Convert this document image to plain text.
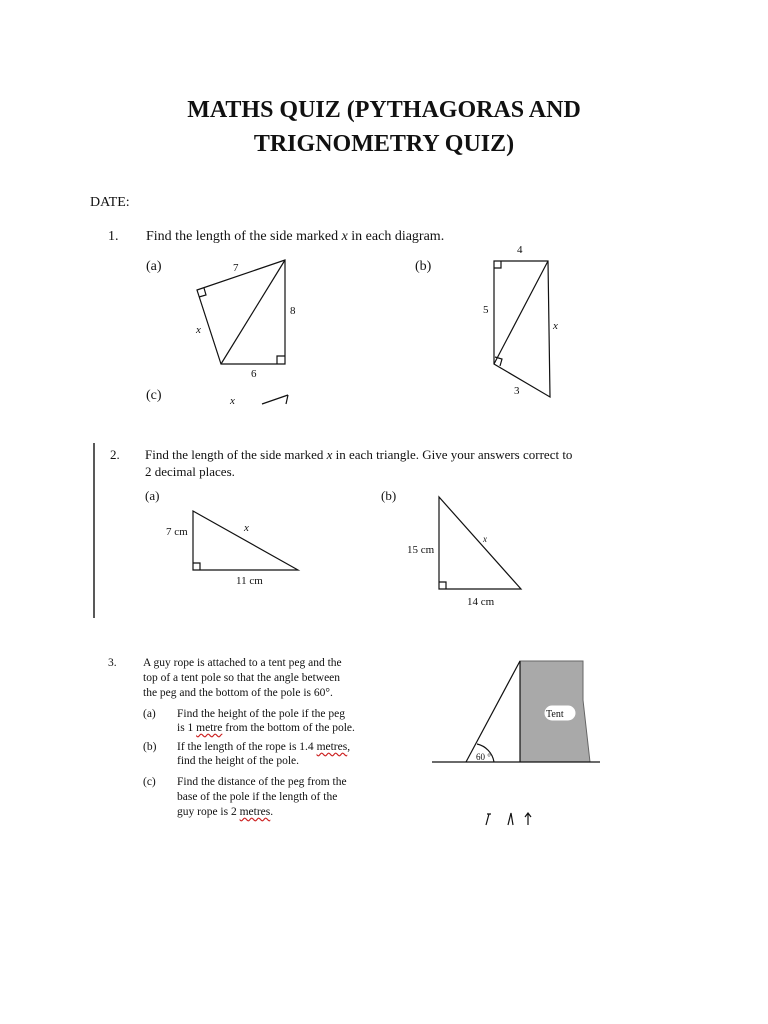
MATHS QUIZ (PYTHAGORAS AND
TRIGNOMETRY QUIZ)
DATE:
1. Find the length of the side marked x in each diagram.
(a)	(b)
(c)
7
8
6
x
4
5
x
3
x
2. Find the length of the side marked x in each triangle. Give your answers correct to
2 decimal places.
(a)	(b)
7 cm
11 cm
x
15 cm
14 cm
x
3. A guy rope is attached to a tent peg and the
top of a tent pole so that the angle between
the peg and the bottom of the pole is 60°.
(a) Find the height of the pole if the peg
is 1 metre from the bottom of the pole.
(b) If the length of the rope is 1.4 metres,
find the height of the pole.
(c) Find the distance of the peg from the
base of the pole if the length of the
guy rope is 2 metres.
Tent
60 °
